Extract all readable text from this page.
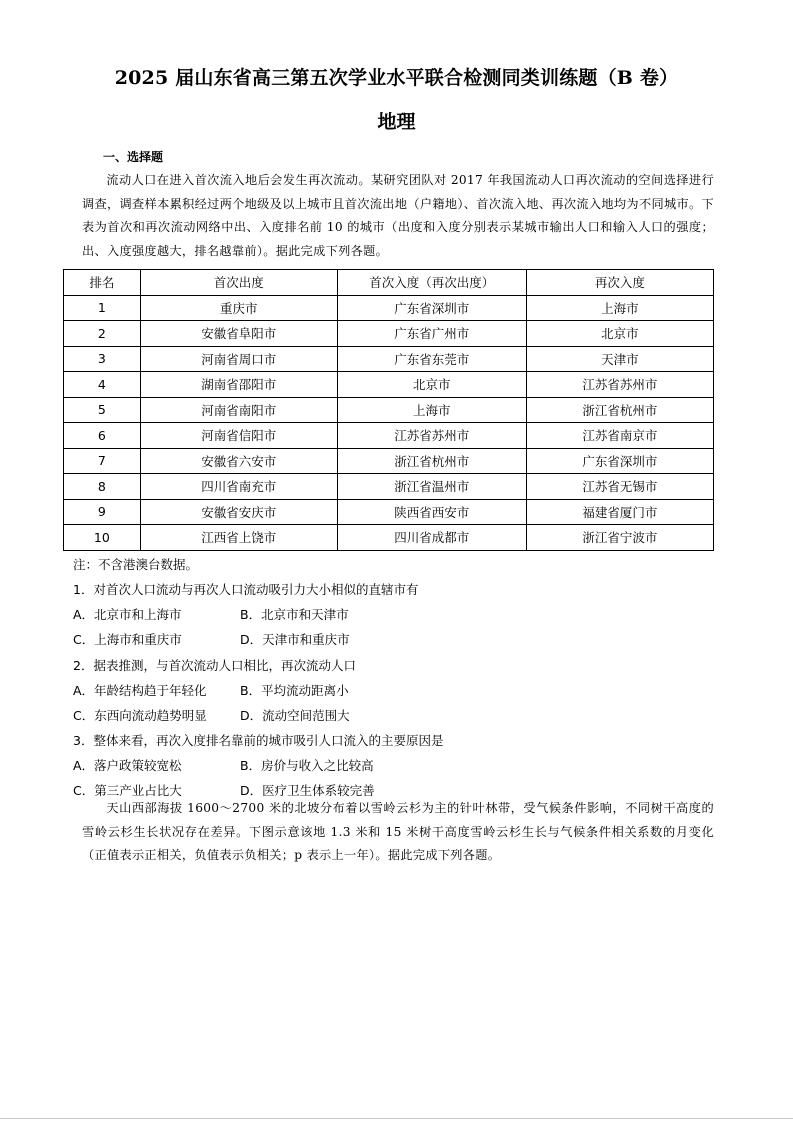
2025 届山东省高三第五次学业水平联合检测同类训练题（B 卷）
地理
一、选择题
流动人口在进入首次流入地后会发生再次流动。某研究团队对 2017 年我国流动人口再次流动的空间选择进行调查，调查样本累积经过两个地级及以上城市且首次流出地（户籍地）、首次流入地、再次流入地均为不同城市。下表为首次和再次流动网络中出、入度排名前 10 的城市（出度和入度分别表示某城市输出人口和输入人口的强度；出、入度强度越大，排名越靠前）。据此完成下列各题。
排名	首次出度	首次入度（再次出度）	再次入度
1	重庆市	广东省深圳市	上海市
2	安徽省阜阳市	广东省广州市	北京市
3	河南省周口市	广东省东莞市	天津市
4	湖南省邵阳市	北京市	江苏省苏州市
5	河南省南阳市	上海市	浙江省杭州市
6	河南省信阳市	江苏省苏州市	江苏省南京市
7	安徽省六安市	浙江省杭州市	广东省深圳市
8	四川省南充市	浙江省温州市	江苏省无锡市
9	安徽省安庆市	陕西省西安市	福建省厦门市
10	江西省上饶市	四川省成都市	浙江省宁波市
注：不含港澳台数据。
1．对首次人口流动与再次人口流动吸引力大小相似的直辖市有
A．北京市和上海市	B．北京市和天津市
C．上海市和重庆市	D．天津市和重庆市
2．据表推测，与首次流动人口相比，再次流动人口
A．年龄结构趋于年轻化	B．平均流动距离小
C．东西向流动趋势明显	D．流动空间范围大
3．整体来看，再次入度排名靠前的城市吸引人口流入的主要原因是
A．落户政策较宽松	B．房价与收入之比较高
C．第三产业占比大	D．医疗卫生体系较完善
天山西部海拔 1600～2700 米的北坡分布着以雪岭云杉为主的针叶林带，受气候条件影响，不同树干高度的雪岭云杉生长状况存在差异。下图示意该地 1.3 米和 15 米树干高度雪岭云杉生长与气候条件相关系数的月变化（正值表示正相关，负值表示负相关；p 表示上一年）。据此完成下列各题。
